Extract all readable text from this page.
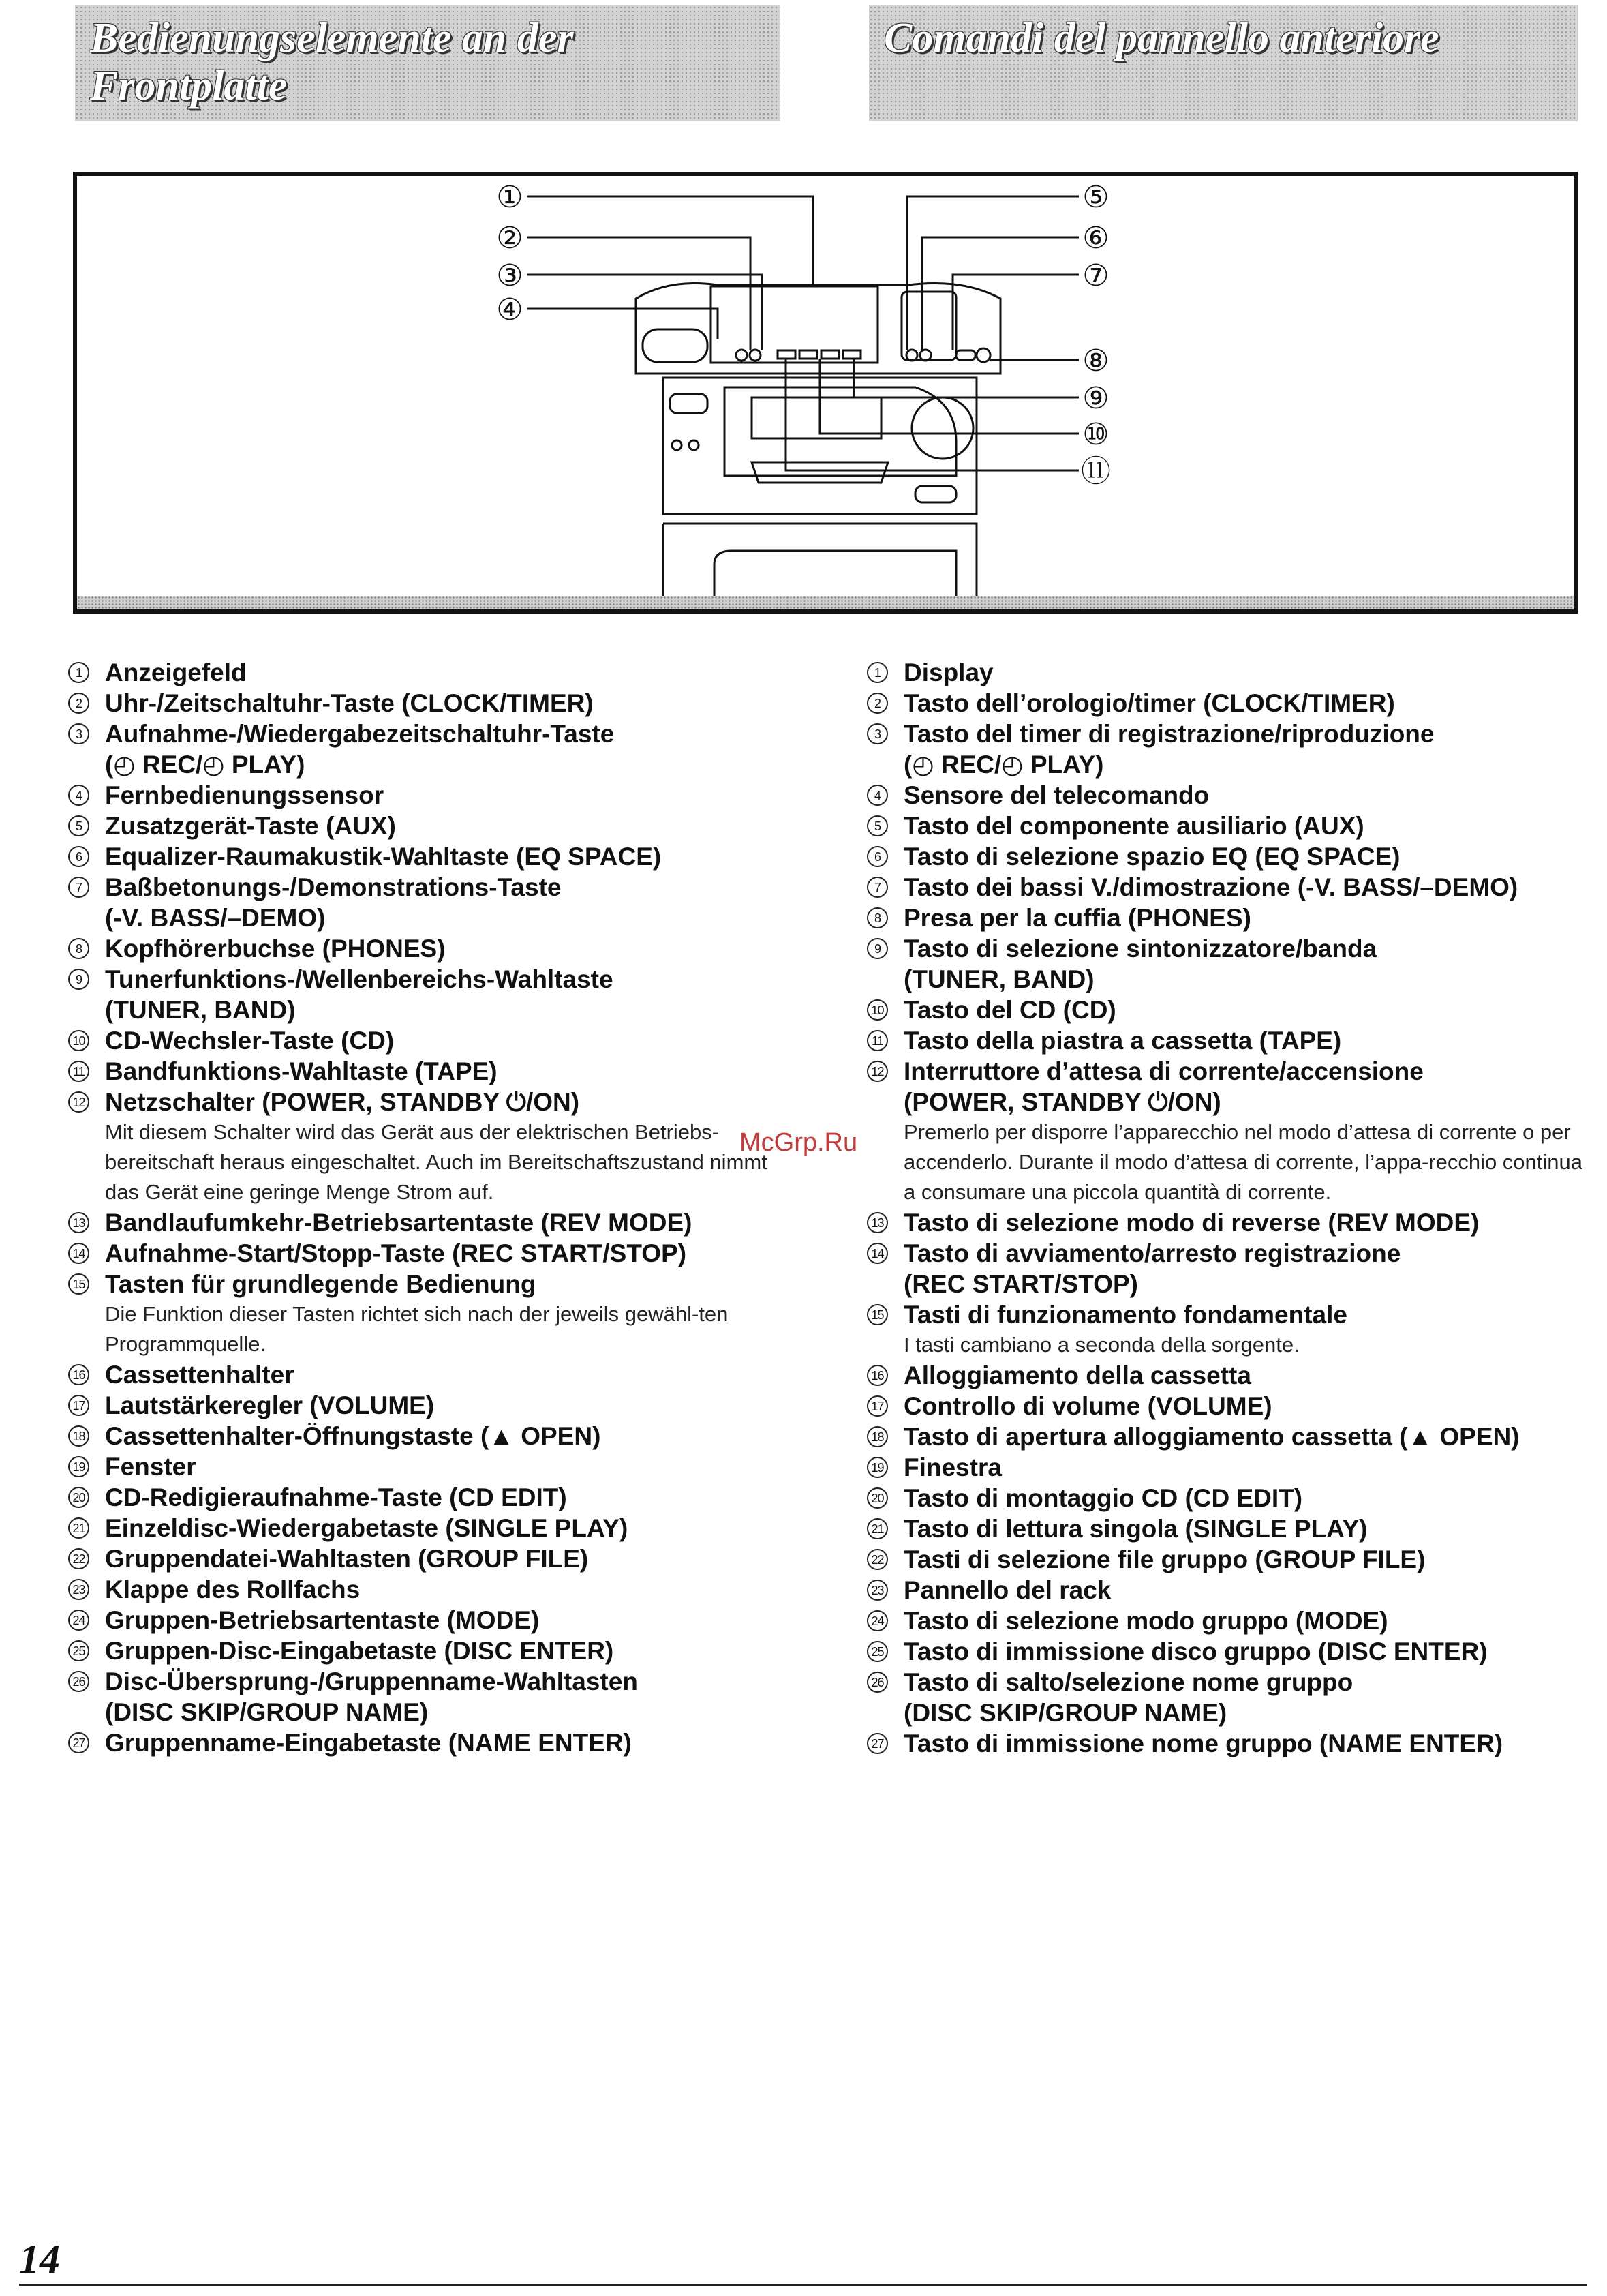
Bedienungselemente an der
Frontplatte
Comandi del pannello anteriore
①
②
③
④
⑤
⑥
⑦
⑧
⑨
⑩
⑪
1 Anzeigefeld
2 Uhr-/Zeitschaltuhr-Taste (CLOCK/TIMER)
3 Aufnahme-/Wiedergabezeitschaltuhr-Taste
(◴ REC/◴ PLAY)
4 Fernbedienungssensor
5 Zusatzgerät-Taste (AUX)
6 Equalizer-Raumakustik-Wahltaste (EQ SPACE)
7 Baßbetonungs-/Demonstrations-Taste
(-V. BASS/–DEMO)
8 Kopfhörerbuchse (PHONES)
9 Tunerfunktions-/Wellenbereichs-Wahltaste
(TUNER, BAND)
10 CD-Wechsler-Taste (CD)
11 Bandfunktions-Wahltaste (TAPE)
12 Netzschalter (POWER, STANDBY ⏻/ON)
Mit diesem Schalter wird das Gerät aus der elektrischen Betriebs-bereitschaft heraus eingeschaltet. Auch im Bereitschaftszustand nimmt das Gerät eine geringe Menge Strom auf.
13 Bandlaufumkehr-Betriebsartentaste (REV MODE)
14 Aufnahme-Start/Stopp-Taste (REC START/STOP)
15 Tasten für grundlegende Bedienung
Die Funktion dieser Tasten richtet sich nach der jeweils gewähl-ten Programmquelle.
16 Cassettenhalter
17 Lautstärkeregler (VOLUME)
18 Cassettenhalter-Öffnungstaste (▲ OPEN)
19 Fenster
20 CD-Redigieraufnahme-Taste (CD EDIT)
21 Einzeldisc-Wiedergabetaste (SINGLE PLAY)
22 Gruppendatei-Wahltasten (GROUP FILE)
23 Klappe des Rollfachs
24 Gruppen-Betriebsartentaste (MODE)
25 Gruppen-Disc-Eingabetaste (DISC ENTER)
26 Disc-Übersprung-/Gruppenname-Wahltasten
(DISC SKIP/GROUP NAME)
27 Gruppenname-Eingabetaste (NAME ENTER)
1 Display
2 Tasto dell’orologio/timer (CLOCK/TIMER)
3 Tasto del timer di registrazione/riproduzione
(◴ REC/◴ PLAY)
4 Sensore del telecomando
5 Tasto del componente ausiliario (AUX)
6 Tasto di selezione spazio EQ (EQ SPACE)
7 Tasto dei bassi V./dimostrazione (-V. BASS/–DEMO)
8 Presa per la cuffia (PHONES)
9 Tasto di selezione sintonizzatore/banda
(TUNER, BAND)
10 Tasto del CD (CD)
11 Tasto della piastra a cassetta (TAPE)
12 Interruttore d’attesa di corrente/accensione
(POWER, STANDBY ⏻/ON)
Premerlo per disporre l’apparecchio nel modo d’attesa di corrente o per accenderlo. Durante il modo d’attesa di corrente, l’appa-recchio continua a consumare una piccola quantità di corrente.
13 Tasto di selezione modo di reverse (REV MODE)
14 Tasto di avviamento/arresto registrazione
(REC START/STOP)
15 Tasti di funzionamento fondamentale
I tasti cambiano a seconda della sorgente.
16 Alloggiamento della cassetta
17 Controllo di volume (VOLUME)
18 Tasto di apertura alloggiamento cassetta (▲ OPEN)
19 Finestra
20 Tasto di montaggio CD (CD EDIT)
21 Tasto di lettura singola (SINGLE PLAY)
22 Tasti di selezione file gruppo (GROUP FILE)
23 Pannello del rack
24 Tasto di selezione modo gruppo (MODE)
25 Tasto di immissione disco gruppo (DISC ENTER)
26 Tasto di salto/selezione nome gruppo
(DISC SKIP/GROUP NAME)
27 Tasto di immissione nome gruppo (NAME ENTER)
McGrp.Ru
14
